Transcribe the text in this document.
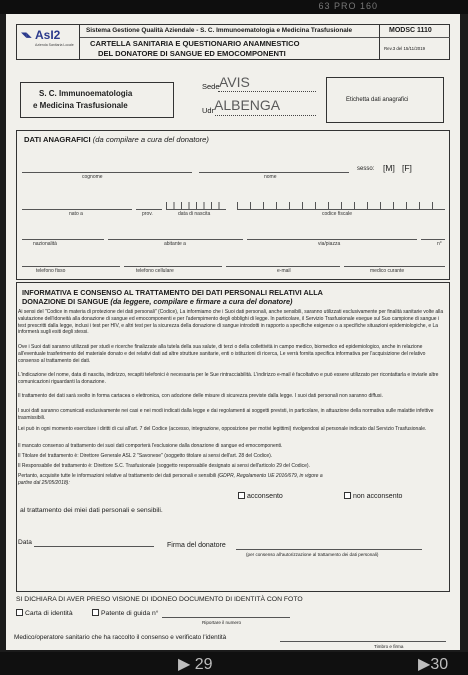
63 PRO 160
◥◣ AsI2
Azienda Sanitaria Locale
Sistema Gestione Qualità Aziendale - S. C. Immunoematologia e Medicina Trasfusionale
CARTELLA SANITARIA E QUESTIONARIO ANAMNESTICO
DEL DONATORE DI SANGUE ED EMOCOMPONENTI
MODSC 1110
Rev.3 del 15/11/2019
S. C. Immunoematologia
e Medicina Trasfusionale
Sede AVIS
Udr ALBENGA	Etichetta dati anagrafici
DATI ANAGRAFICI (da compilare a cura del donatore)
cognome	nome
sesso: [M] [F]
nato a	prov.	data di nascita	codice fiscale
nazionalità	abitante a	via/piazza	n°
telefono fisso	telefono cellulare	e-mail	medico curante
INFORMATIVA E CONSENSO AL TRATTAMENTO DEI DATI PERSONALI RELATIVI ALLA
DONAZIONE DI SANGUE (da leggere, compilare e firmare a cura del donatore)
Ai sensi del "Codice in materia di protezione dei dati personali" (Codice), La informiamo che i Suoi dati personali, anche sensibili, saranno utilizzati esclusivamente per finalità sanitarie volte alla valutazione dell'idoneità alla donazione di sangue ed emocomponenti e per l'adempimento degli obblighi di legge. In particolare, il Servizio Trasfusionale esegue sul Suo campione di sangue i test prescritti dalla legge, inclusi i test per HIV, e altri test per la sicurezza della donazione di sangue introdotti in rapporto a specifiche esigenze o a specifiche situazioni epidemiologiche, e La informerà sugli esiti degli stessi.
Ove i Suoi dati saranno utilizzati per studi e ricerche finalizzate alla tutela della sua salute, di terzi o della collettività in campo medico, biomedico ed epidemiologico, anche in relazione all'eventuale trasferimento del materiale donato e dei relativi dati ad altre strutture sanitarie, enti o istituzioni di ricerca, Le verrà fornita specifica informativa per l'acquisizione del relativo consenso al trattamento dei dati.
L'indicazione del nome, data di nascita, indirizzo, recapiti telefonici è necessaria per le Sue rintracciabilità. L'indirizzo e-mail è facoltativo e può essere utilizzato per ricontattarla e inviarle altre comunicazioni riguardanti la donazione.
Il trattamento dei dati sarà svolto in forma cartacea o elettronica, con adozione delle misure di sicurezza previste dalla legge. I suoi dati personali non saranno diffusi.
I suoi dati saranno comunicati esclusivamente nei casi e nei modi indicati dalla legge e dai regolamenti ai soggetti previsti, in particolare, in attuazione della normativa sulle malattie infettive trasmissibili.
Lei può in ogni momento esercitare i diritti di cui all'art. 7 del Codice (accesso, integrazione, opposizione per motivi legittimi) rivolgendosi al personale indicato dal Servizio Trasfusionale.
Il mancato consenso al trattamento dei suoi dati comporterà l'esclusione dalla donazione di sangue ed emocomponenti.
Il Titolare del trattamento è: Direttore Generale ASL 2 "Savonese" (soggetto titolare ai sensi dell'art. 28 del Codice).
Il Responsabile del trattamento è: Direttore S.C. Trasfusionale (soggetto responsabile designato ai sensi dell'articolo 29 del Codice).
Pertanto, acquisite tutte le informazioni relative al trattamento dei dati personali e sensibili (GDPR, Regolamento UE 2016/679, in vigore a partire dal 25/05/2018):
acconsento	non acconsento
al trattamento dei miei dati personali e sensibili.
Data	Firma del donatore
(per consenso all'autorizzazione al trattamento dei dati personali)
SI DICHIARA DI AVER PRESO VISIONE DI IDONEO DOCUMENTO DI IDENTITÀ CON FOTO
Carta di identità	Patente di guida n°
Riportare il numero
Medico/operatore sanitario che ha raccolto il consenso e verificato l'identità
Timbro e firma
▶ 29	▶30
